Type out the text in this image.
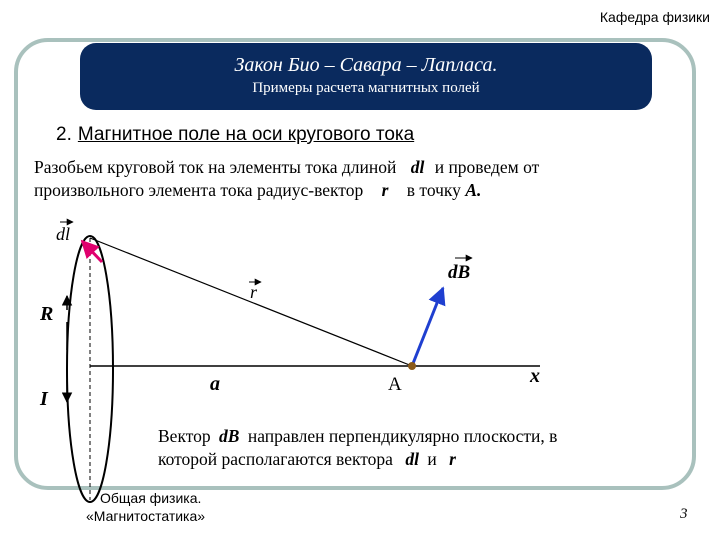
Кафедра физики
Закон Био – Савара – Лапласа.
Примеры расчета магнитных полей
2. Магнитное поле на оси кругового тока
Разобьем круговой ток на элементы тока длиной dl и проведем от
произвольного элемента тока радиус-вектор r в точку A.
dl
r
dB
R
I
a	A	x
Вектор dB направлен перпендикулярно плоскости, в
которой располагаются вектора dl и r
Общая физика.
«Магнитостатика»	3
